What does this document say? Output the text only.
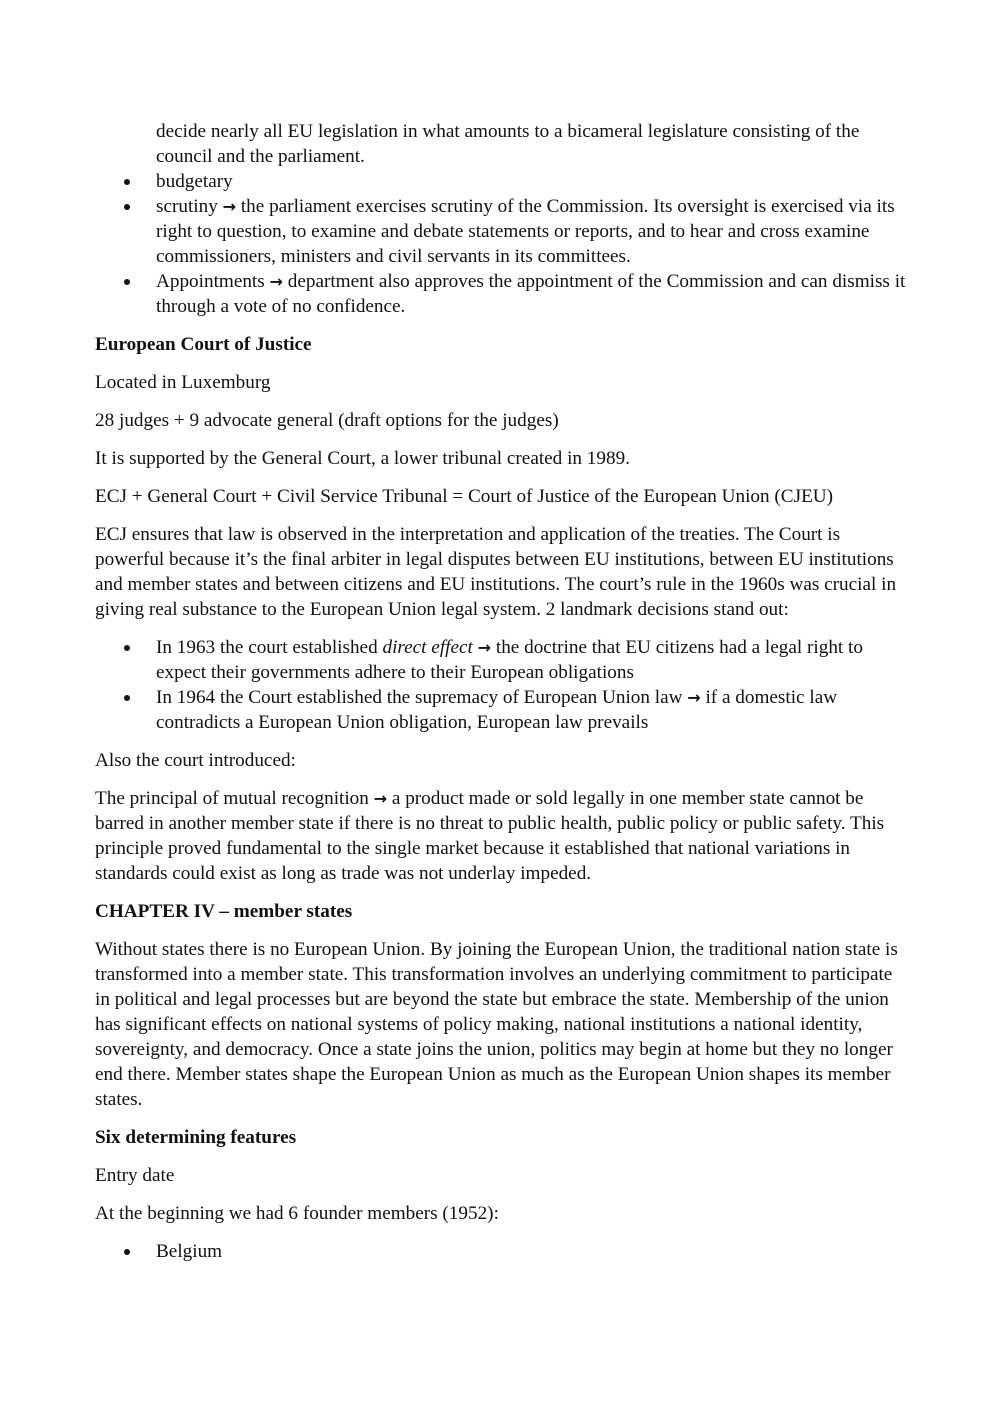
decide nearly all EU legislation in what amounts to a bicameral legislature consisting of the council and the parliament.
budgetary
scrutiny → the parliament exercises scrutiny of the Commission. Its oversight is exercised via its right to question, to examine and debate statements or reports, and to hear and cross examine commissioners, ministers and civil servants in its committees.
Appointments → department also approves the appointment of the Commission and can dismiss it through a vote of no confidence.

European Court of Justice

Located in Luxemburg

28 judges + 9 advocate general (draft options for the judges)

It is supported by the General Court, a lower tribunal created in 1989.

ECJ + General Court + Civil Service Tribunal = Court of Justice of the European Union (CJEU)

ECJ ensures that law is observed in the interpretation and application of the treaties. The Court is powerful because it’s the final arbiter in legal disputes between EU institutions, between EU institutions and member states and between citizens and EU institutions. The court’s rule in the 1960s was crucial in giving real substance to the European Union legal system. 2 landmark decisions stand out:

In 1963 the court established direct effect → the doctrine that EU citizens had a legal right to expect their governments adhere to their European obligations
In 1964 the Court established the supremacy of European Union law → if a domestic law contradicts a European Union obligation, European law prevails

Also the court introduced:

The principal of mutual recognition → a product made or sold legally in one member state cannot be barred in another member state if there is no threat to public health, public policy or public safety. This principle proved fundamental to the single market because it established that national variations in standards could exist as long as trade was not underlay impeded.

CHAPTER IV – member states

Without states there is no European Union. By joining the European Union, the traditional nation state is transformed into a member state. This transformation involves an underlying commitment to participate in political and legal processes but are beyond the state but embrace the state. Membership of the union has significant effects on national systems of policy making, national institutions a national identity, sovereignty, and democracy. Once a state joins the union, politics may begin at home but they no longer end there. Member states shape the European Union as much as the European Union shapes its member states.

Six determining features

Entry date

At the beginning we had 6 founder members (1952):

Belgium
